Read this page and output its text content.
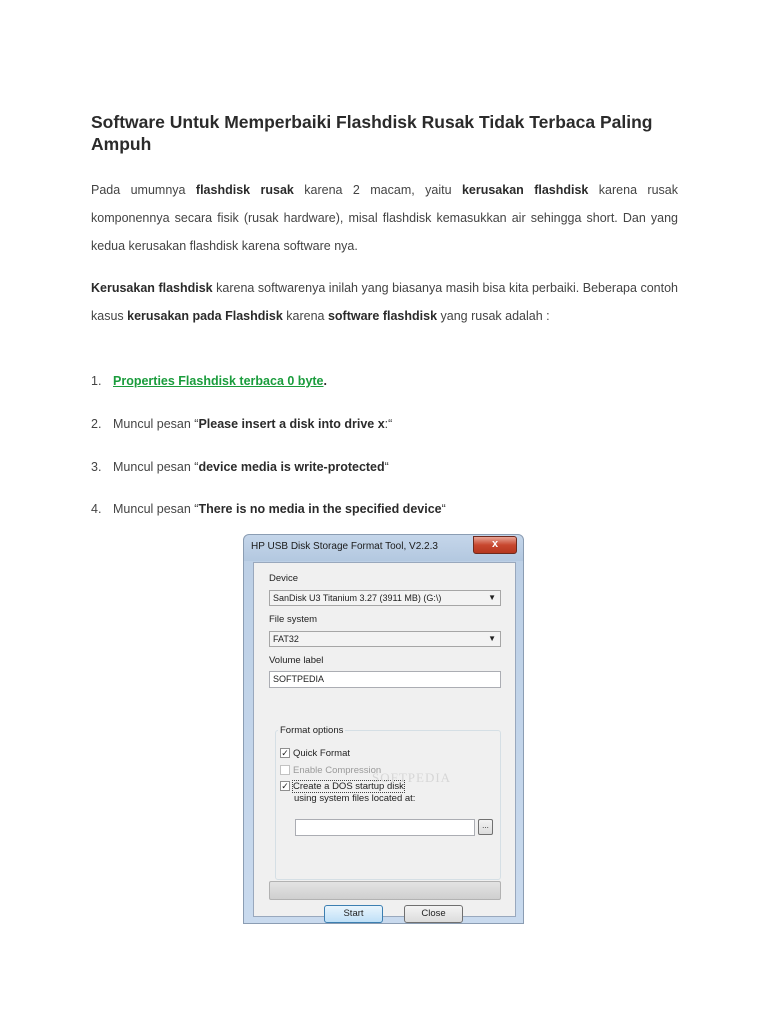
Software Untuk Memperbaiki Flashdisk Rusak Tidak Terbaca Paling Ampuh

Pada umumnya flashdisk rusak karena 2 macam, yaitu kerusakan flashdisk karena rusak komponennya secara fisik (rusak hardware), misal flashdisk kemasukkan air sehingga short. Dan yang kedua kerusakan flashdisk karena software nya.

Kerusakan flashdisk karena softwarenya inilah yang biasanya masih bisa kita perbaiki. Beberapa contoh kasus kerusakan pada Flashdisk karena software flashdisk yang rusak adalah :

1. Properties Flashdisk terbaca 0 byte.
2. Muncul pesan “Please insert a disk into drive x:“
3. Muncul pesan “device media is write-protected“
4. Muncul pesan “There is no media in the specified device“
HP USB Disk Storage Format Tool, V2.2.3	x
Device
SanDisk U3 Titanium 3.27 (3911 MB) (G:\)	▼
File system
FAT32	▼
Volume label
SOFTPEDIA
Format options
✓ Quick Format
Enable Compression
✓ Create a DOS startup disk
SOFTPEDIA
using system files located at:
...
Start	Close
